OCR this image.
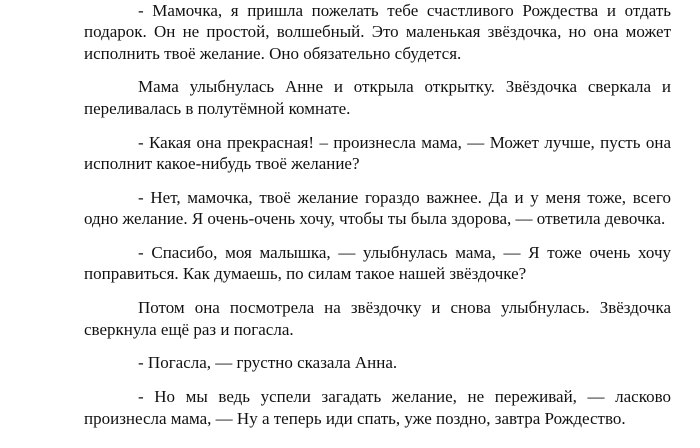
- Мамочка, я пришла пожелать тебе счастливого Рождества и отдать подарок. Он не простой, волшебный. Это маленькая звёздочка, но она может исполнить твоё желание. Оно обязательно сбудется.

Мама улыбнулась Анне и открыла открытку. Звёздочка сверкала и переливалась в полутёмной комнате.

- Какая она прекрасная! – произнесла мама, — Может лучше, пусть она исполнит какое-нибудь твоё желание?

- Нет, мамочка, твоё желание гораздо важнее. Да и у меня тоже, всего одно желание. Я очень-очень хочу, чтобы ты была здорова, — ответила девочка.

- Спасибо, моя малышка, — улыбнулась мама, — Я тоже очень хочу поправиться. Как думаешь, по силам такое нашей звёздочке?

Потом она посмотрела на звёздочку и снова улыбнулась. Звёздочка сверкнула ещё раз и погасла.

- Погасла, — грустно сказала Анна.

- Но мы ведь успели загадать желание, не переживай, — ласково произнесла мама, — Ну а теперь иди спать, уже поздно, завтра Рождество.
